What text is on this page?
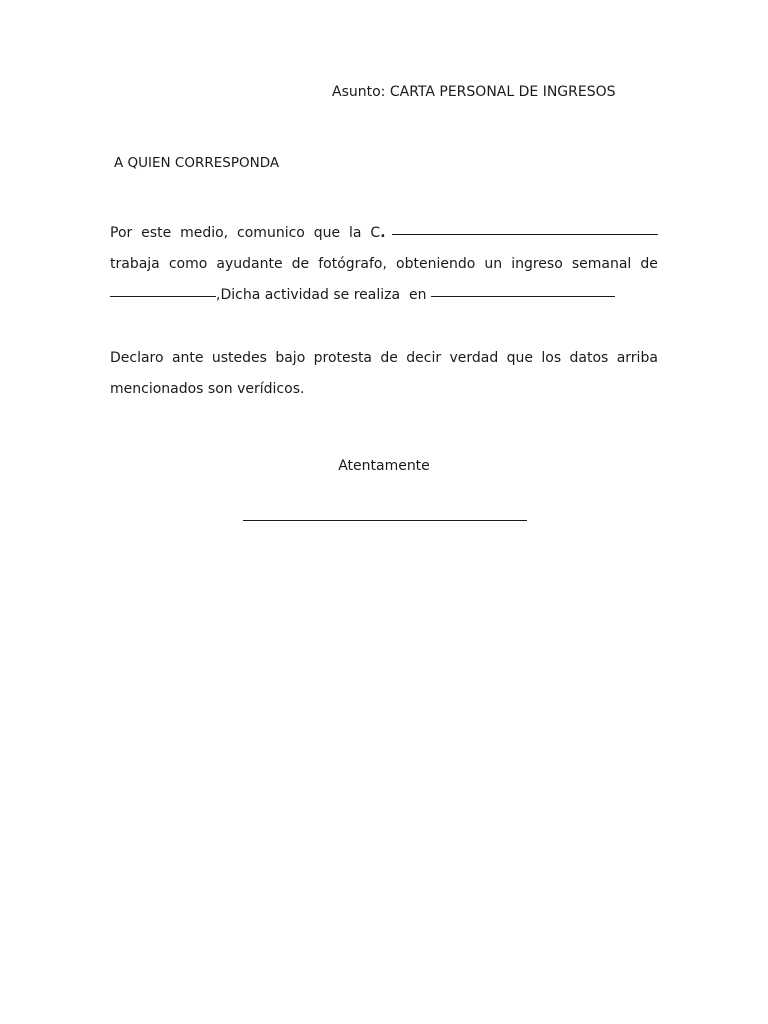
Asunto: CARTA PERSONAL DE INGRESOS
A QUIEN CORRESPONDA
Por
este
medio,
comunico
que
la
C .
trabaja como ayudante de fotógrafo, obteniendo un ingreso semanal de
,Dicha actividad se realiza  en

Declaro ante ustedes bajo protesta de decir verdad que los datos arriba
mencionados son verídicos.
Atentamente
